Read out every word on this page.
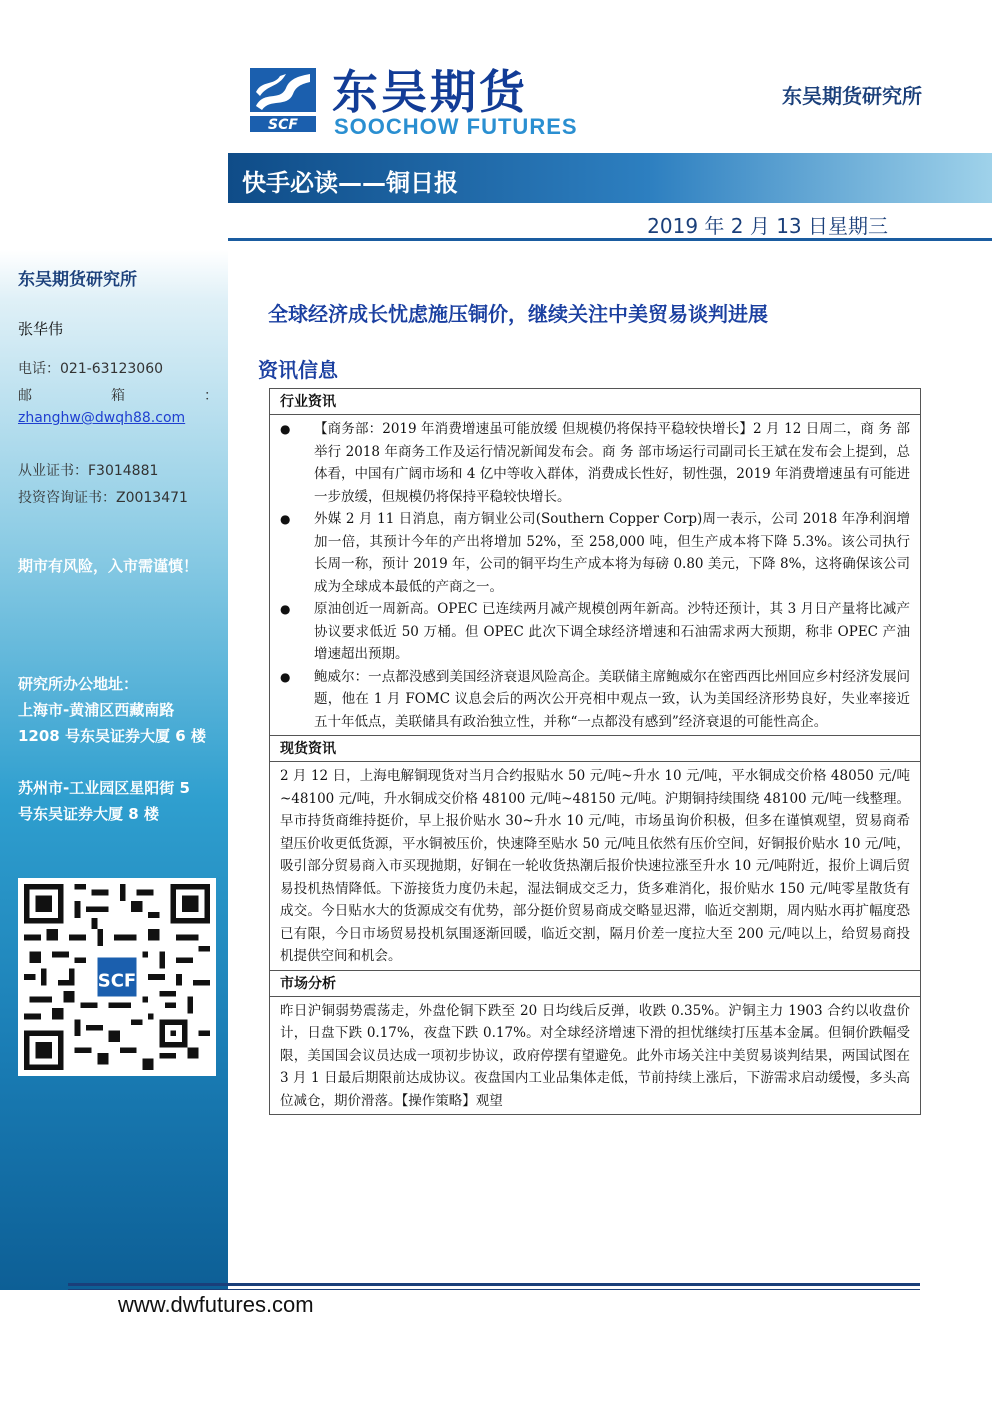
东吴期货研究所
张华伟
电话：021-63123060
邮	箱	：
zhanghw@dwqh88.com
从业证书：F3014881
投资咨询证书：Z0013471
期市有风险，入市需谨慎！
研究所办公地址：
上海市-黄浦区西藏南路
1208 号东吴证券大厦 6 楼
苏州市-工业园区星阳街 5
号东吴证券大厦 8 楼
SCF
SCF
东吴期货
SOOCHOW FUTURES
东吴期货研究所
快手必读——铜日报
2019 年 2 月 13 日星期三
全球经济成长忧虑施压铜价，继续关注中美贸易谈判进展
资讯信息
行业资讯
●	【商务部：2019 年消费增速虽可能放缓 但规模仍将保持平稳较快增长】2 月 12 日周二，商 务 部举行 2018 年商务工作及运行情况新闻发布会。商 务 部市场运行司副司长王斌在发布会上提到，总体看，中国有广阔市场和 4 亿中等收入群体，消费成长性好，韧性强，2019 年消费增速虽有可能进一步放缓，但规模仍将保持平稳较快增长。
●	外媒 2 月 11 日消息，南方铜业公司(Southern Copper Corp)周一表示，公司 2018 年净利润增加一倍，其预计今年的产出将增加 52%，至 258,000 吨，但生产成本将下降 5.3%。该公司执行长周一称，预计 2019 年，公司的铜平均生产成本将为每磅 0.80 美元，下降 8%，这将确保该公司成为全球成本最低的产商之一。
●	原油创近一周新高。OPEC 已连续两月减产规模创两年新高。沙特还预计，其 3 月日产量将比减产协议要求低近 50 万桶。但 OPEC 此次下调全球经济增速和石油需求两大预期，称非 OPEC 产油增速超出预期。
●	鲍威尔：一点都没感到美国经济衰退风险高企。美联储主席鲍威尔在密西西比州回应乡村经济发展问题，他在 1 月 FOMC 议息会后的两次公开亮相中观点一致，认为美国经济形势良好，失业率接近五十年低点，美联储具有政治独立性，并称“一点都没有感到”经济衰退的可能性高企。
现货资讯
2 月 12 日，上海电解铜现货对当月合约报贴水 50 元/吨~升水 10 元/吨，平水铜成交价格 48050 元/吨~48100 元/吨，升水铜成交价格 48100 元/吨~48150 元/吨。沪期铜持续围绕 48100 元/吨一线整理。早市持货商维持挺价，早上报价贴水 30~升水 10 元/吨，市场虽询价积极，但多在谨慎观望，贸易商希望压价收更低货源，平水铜被压价，快速降至贴水 50 元/吨且依然有压价空间，好铜报价贴水 10 元/吨，吸引部分贸易商入市买现抛期，好铜在一轮收货热潮后报价快速拉涨至升水 10 元/吨附近，报价上调后贸易投机热情降低。下游接货力度仍未起，湿法铜成交乏力，货多难消化，报价贴水 150 元/吨零星散货有成交。今日贴水大的货源成交有优势，部分挺价贸易商成交略显迟滞，临近交割期，周内贴水再扩幅度恐已有限，今日市场贸易投机氛围逐渐回暖，临近交割，隔月价差一度拉大至 200 元/吨以上，给贸易商投机提供空间和机会。
市场分析
昨日沪铜弱势震荡走，外盘伦铜下跌至 20 日均线后反弹，收跌 0.35%。沪铜主力 1903 合约以收盘价计，日盘下跌 0.17%，夜盘下跌 0.17%。对全球经济增速下滑的担忧继续打压基本金属。但铜价跌幅受限，美国国会议员达成一项初步协议，政府停摆有望避免。此外市场关注中美贸易谈判结果，两国试图在 3 月 1 日最后期限前达成协议。夜盘国内工业品集体走低，节前持续上涨后，下游需求启动缓慢，多头高位减仓，期价滑落。【操作策略】观望
www.dwfutures.com
